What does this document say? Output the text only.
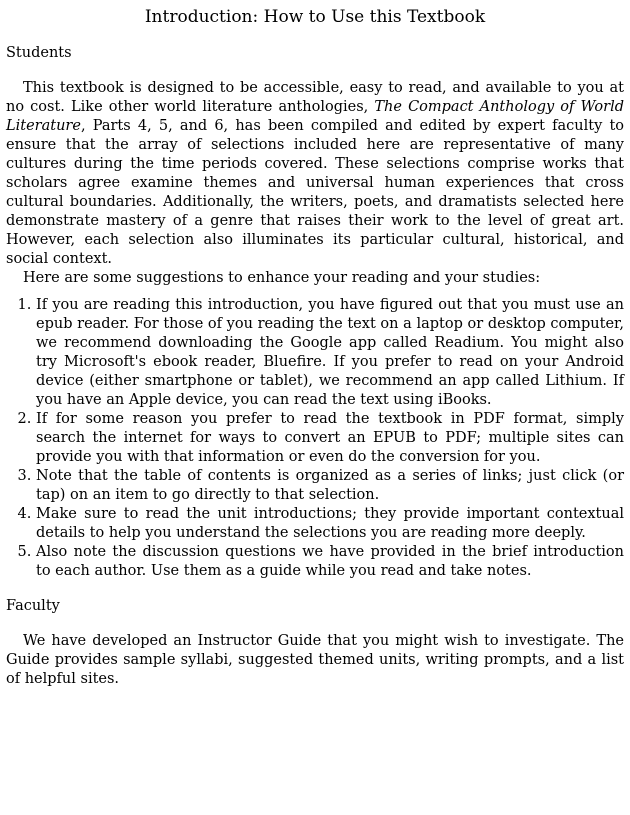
Introduction: How to Use this Textbook
Students

This textbook is designed to be accessible, easy to read, and available to you at no cost. Like other world literature anthologies, The Compact Anthology of World Literature, Parts 4, 5, and 6, has been compiled and edited by expert faculty to ensure that the array of selections included here are representative of many cultures during the time periods covered. These selections comprise works that scholars agree examine themes and universal human experiences that cross cultural boundaries. Additionally, the writers, poets, and dramatists selected here demonstrate mastery of a genre that raises their work to the level of great art. However, each selection also illuminates its particular cultural, historical, and social context.

Here are some suggestions to enhance your reading and your studies:

1. If you are reading this introduction, you have figured out that you must use an epub reader. For those of you reading the text on a laptop or desktop computer, we recommend downloading the Google app called Readium. You might also try Microsoft's ebook reader, Bluefire. If you prefer to read on your Android device (either smartphone or tablet), we recommend an app called Lithium. If you have an Apple device, you can read the text using iBooks.
2. If for some reason you prefer to read the textbook in PDF format, simply search the internet for ways to convert an EPUB to PDF; multiple sites can provide you with that information or even do the conversion for you.
3. Note that the table of contents is organized as a series of links; just click (or tap) on an item to go directly to that selection.
4. Make sure to read the unit introductions; they provide important contextual details to help you understand the selections you are reading more deeply.
5. Also note the discussion questions we have provided in the brief introduction to each author. Use them as a guide while you read and take notes.
Faculty

We have developed an Instructor Guide that you might wish to investigate. The Guide provides sample syllabi, suggested themed units, writing prompts, and a list of helpful sites.
